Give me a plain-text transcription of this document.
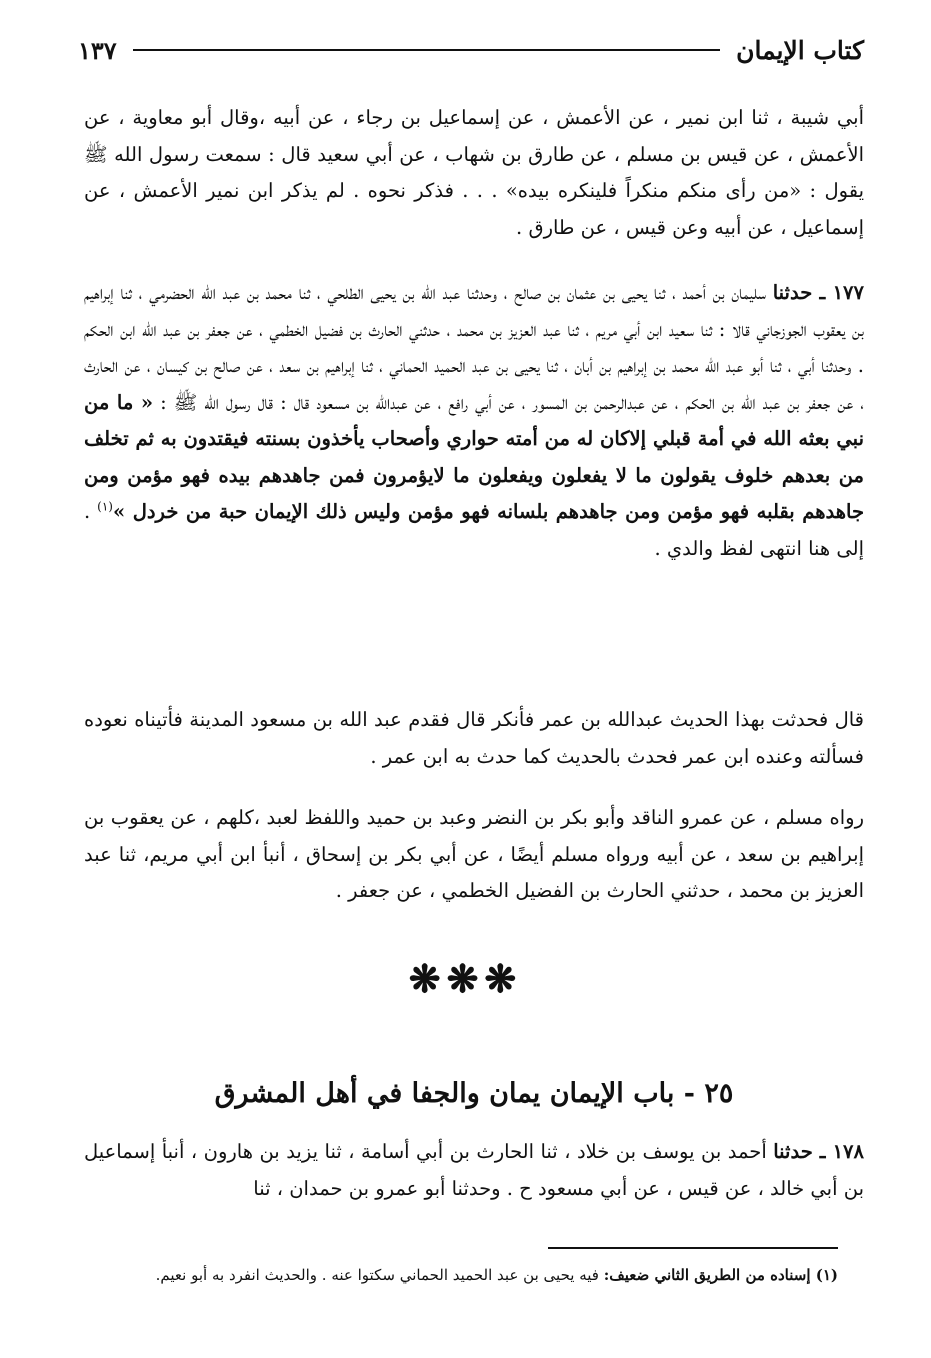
كتاب الإيمان
١٣٧

أبي شيبة ، ثنا ابن نمير ، عن الأعمش ، عن إسماعيل بن رجاء ، عن أبيه ،وقال أبو معاوية ، عن الأعمش ، عن قيس بن مسلم ، عن طارق بن شهاب ، عن أبي سعيد قال : سمعت رسول الله ﷺ يقول : «من رأى منكم منكراً فلينكره بيده» . . . فذكر نحوه . لم يذكر ابن نمير الأعمش ، عن إسماعيل ، عن أبيه وعن قيس ، عن طارق .

١٧٧ ـ حدثنا سليمان بن أحمد ، ثنا يحيى بن عثمان بن صالح ، وحدثنا عبد الله بن يحيى الطلحي ، ثنا محمد بن عبد الله الحضرمي ، ثنا إبراهيم بن يعقوب الجوزجاني قالا : ثنا سعيد ابن أبي مريم ، ثنا عبد العزيز بن محمد ، حدثني الحارث بن فضيل الخطمي ، عن جعفر بن عبد الله ابن الحكم . وحدثنا أبي ، ثنا أبو عبد الله محمد بن إبراهيم بن أبان ، ثنا يحيى بن عبد الحميد الحماني ، ثنا إبراهيم بن سعد ، عن صالح بن كيسان ، عن الحارث ، عن جعفر بن عبد الله بن الحكم ، عن عبدالرحمن بن المسور ، عن أبي رافع ، عن عبدالله بن مسعود قال : قال رسول الله ﷺ : « ما من نبي بعثه الله في أمة قبلي إلاكان له من أمته حواري وأصحاب يأخذون بسنته فيقتدون به ثم تخلف من بعدهم خلوف يقولون ما لا يفعلون ويفعلون ما لايؤمرون فمن جاهدهم بيده فهو مؤمن ومن جاهدهم بقلبه فهو مؤمن ومن جاهدهم بلسانه فهو مؤمن وليس ذلك الإيمان حبة من خردل »$^{(١)}$ . إلى هنا انتهى لفظ والدي .

قال فحدثت بهذا الحديث عبدالله بن عمر فأنكر قال فقدم عبد الله بن مسعود المدينة فأتيناه نعوده فسألته وعنده ابن عمر فحدث بالحديث كما حدث به ابن عمر .

رواه مسلم ، عن عمرو الناقد وأبو بكر بن النضر وعبد بن حميد واللفظ لعبد ،كلهم ، عن يعقوب بن إبراهيم بن سعد ، عن أبيه ورواه مسلم أيضًا ، عن أبي بكر بن إسحاق ، أنبأ ابن أبي مريم، ثنا عبد العزيز بن محمد ، حدثني الحارث بن الفضيل الخطمي ، عن جعفر .

❋❋❋
٢٥ - باب الإيمان يمان والجفا في أهل المشرق

١٧٨ ـ حدثنا أحمد بن يوسف بن خلاد ، ثنا الحارث بن أبي أسامة ، ثنا يزيد بن هارون ، أنبأ إسماعيل بن أبي خالد ، عن قيس ، عن أبي مسعود ح . وحدثنا أبو عمرو بن حمدان ، ثنا

(١) إسناده من الطريق الثاني ضعيف: فيه يحيى بن عبد الحميد الحماني سكتوا عنه . والحديث انفرد به أبو نعيم.
